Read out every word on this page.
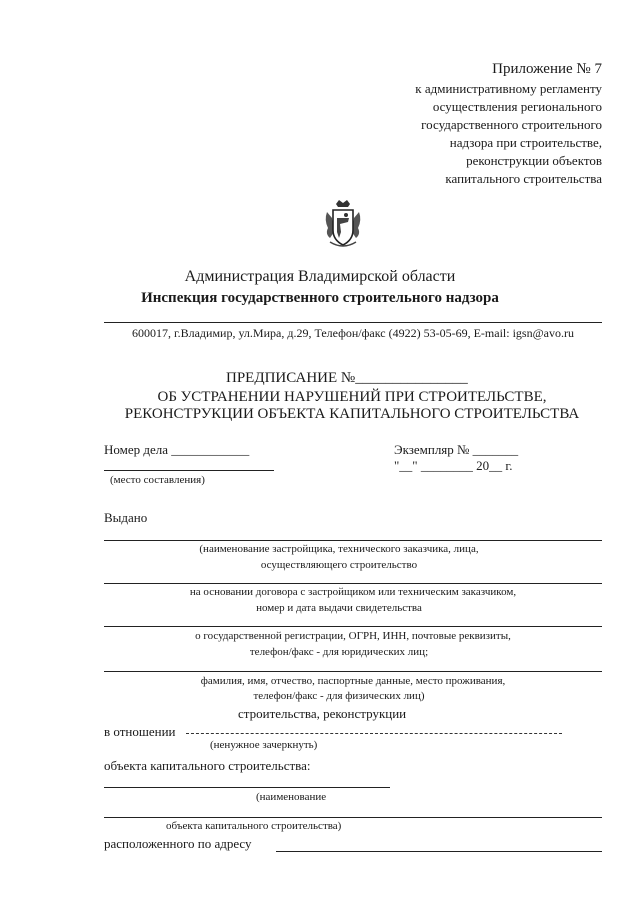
Приложение № 7
к административному регламенту
осуществления регионального
государственного строительного
надзора при строительстве,
реконструкции объектов
капитального строительства
Администрация Владимирской области
Инспекция государственного строительного надзора
600017, г.Владимир, ул.Мира, д.29, Телефон/факс (4922) 53-05-69, E-mail: igsn@avo.ru
ПРЕДПИСАНИЕ №_______________
ОБ УСТРАНЕНИИ НАРУШЕНИЙ ПРИ СТРОИТЕЛЬСТВЕ,
РЕКОНСТРУКЦИИ ОБЪЕКТА КАПИТАЛЬНОГО СТРОИТЕЛЬСТВА
Номер дела ____________	Экземпляр № _______
"__" ________ 20__ г.
(место составления)
Выдано
(наименование застройщика, технического заказчика, лица,
осуществляющего строительство
на основании договора с застройщиком или техническим заказчиком,
номер и дата выдачи свидетельства
о государственной регистрации, ОГРН, ИНН, почтовые реквизиты,
телефон/факс - для юридических лиц;
фамилия, имя, отчество, паспортные данные, место проживания,
телефон/факс - для физических лиц)
строительства, реконструкции
в отношении
(ненужное зачеркнуть)
объекта капитального строительства:
(наименование
объекта капитального строительства)
расположенного по адресу
